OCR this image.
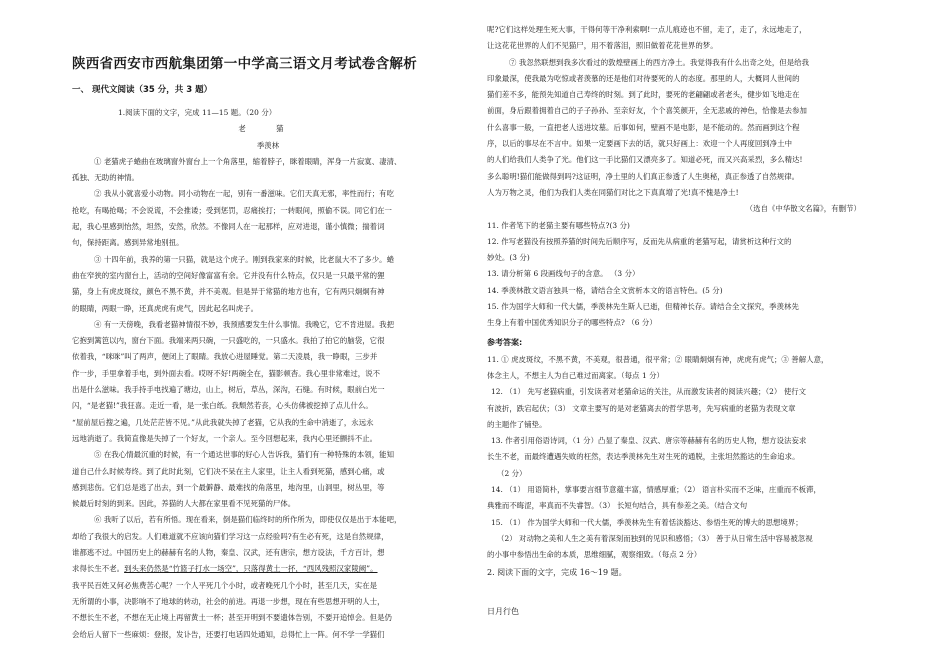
陕西省西安市西航集团第一中学高三语文月考试卷含解析

一、 现代文阅读（35 分，共 3 题）

1.阅读下面的文字，完成 11—15 题。（20 分）

老 猫

季羡林

① 老猫虎子蜷曲在玻璃窗外窗台上一个角落里，缩着脖子，眯着眼睛，浑身一片寂寞、凄清、

孤独、无助的神情。

② 我从小就喜爱小动物。同小动物在一起，别有一番滋味。它们天真无邪，率性而行；有吃

抢吃，有喝抢喝；不会说谎，不会推诿；受到惩罚，忍痛挨打；一转眼间，照偷不误。同它们在一

起，我心里感到怡然，坦然，安然，欣然。不像同人在一起那样，应对进退，谨小慎微；揣着词

句，保持距离。感到异常地别扭。

③ 十四年前，我养的第一只猫，就是这个虎子。刚到我家来的时候，比老鼠大不了多少。蜷

曲在窄狭的室内窗台上，活动的空间好像富富有余。它并没有什么特点，仅只是一只最平常的狸

猫，身上有虎皮斑纹，颜色不黑不黄，并不美观。但是异于常猫的地方也有，它有两只炯炯有神

的眼睛，两眼一睁，还真虎虎有虎气，因此起名叫虎子。

④ 有一天傍晚，我看老猫神情很不妙，我预感要发生什么事情。我晚它，它不肯进屋。我把

它抱到篱笆以内，窗台下面。我端来两只碗，一只盛吃的，一只盛水。我拍了拍它的脑袋，它很

依着我，“咪咪”叫了两声，便闭上了眼睛。我放心进屋睡觉。第二天凌晨，我一睁眼，三步并

作一步，手里拿着手电，到外面去看。哎呀不好!两碗全在，猫影顿杳。我心里非常难过，说不

出是什么滋味。我手持手电找遍了塘边，山上，树后，草丛，深沟，石缝。有时候，眼前白光一

闪，“是老猫!”我狂喜。走近一看，是一张白纸。我颓然若丧，心头仿佛被挖掉了点儿什么。

“屋前屋后搜之遍，几处茫茫皆不见。”从此我就失掉了老猫，它从我的生命中消逝了，永远永

远地消逝了。我简直像是失掉了一个好友，一个亲人。至今回想起来，我内心里还颤抖不止。

⑤ 在我心情最沉重的时候，有一个通达世事的好心人告诉我，猫们有一种特殊的本领，能知

道自己什么时候寿终。到了此时此刻，它们决不呆在主人家里，让主人看到死猫，感到心痛，或

感到悲伤。它们总是逃了出去，到一个最僻静、最难找的角落里，地沟里，山洞里，树丛里，等

候最后时刻的到来。因此，养猫的人大都在家里看不见死猫的尸体。

⑥ 我听了以后，若有所悟。现在看来，倒是猫们临终时的所作所为，即使仅仅是出于本能吧，

却给了我很大的启发。人们难道就不应该向猫们学习这一点经验吗?有生必有死，这是自然规律，

谁都逃不过。中国历史上的赫赫有名的人物，秦皇、汉武，还有唐宗，想方设法，千方百计，想

求得长生不老。到头来仍然是“竹篮子打水一场空”，只落得黄土一抔，“西风残照汉家陵阙”。

我平民百姓又何必焦费苦心呢？一个人平死几个小时，或者晚死几个小时，甚至几天，实在是

无所谓的小事，决影响不了地球的转动，社会的前进。再退一步想，现在有些思想开明的人士，

不想长生不老，不想在无止境上再留黄土一杯；甚至开明到不要遗体告别，不要开追悼会。但是仍

会给后人留下一些麻烦：登报，发讣告，还要打电话四处通知，总得忙上一阵。何不学一学猫们

呢?它们这样处理生死大事，干得何等干净利索啊!一点儿痕迹也不留，走了，走了，永远地走了，

让这花花世界的人们不见猫尸，用不着落泪，照旧做着花花世界的梦。

⑦ 我忽然联想到我多次看过的敦煌壁画上的西方净土。我觉得我有什么出奇之处，但是给我

印象最深，使我最为吃惊或者羡慕的还是他们对待要死的人的态度。那里的人，大概同人世间的

猫们差不多，能预先知道自己寿终的时刻。到了此时，要死的老翩翩或者老头，健步如飞地走在

前面，身后跟着拥着自己的子子孙孙、至亲好友，个个喜笑颜开，全无悲戚的神色，恰像是去参加

什么喜事一般，一直把老人送进坟墓。后事如何，壁画不是电影，是不能动的。然而画到这个程

序，以后的事尽在不言中。如果一定要画下去的话，就只好画上：欢迎一个人再度回到净土中

的人们给我们人类争了光。他们这一手比猫们又漂亮多了。知道必死，而又兴高采烈，多么精达!

多么聪明!猫们能做得到吗?这证明，净土里的人们真正参透了人生奥秘，真正参透了自然规律。

人为万物之灵，他们为我们人类在同猫们对比之下真真增了光!真不愧是净土!

（选自《中华散文名篇》，有删节）

11. 作者笔下的老猫主要有哪些特点?(3 分)

12. 作写老猫没有按照养猫的时间先后顺序写，反而先从病重的老猫写起，请赏析这种行文的

妙处。(3 分)

13. 请分析第 6 段画线句子的含意。 （3 分）

14. 季羡林散文语言独具一格，请结合全文赏析本文的语言特色。(5 分)

15. 作为国学大师和一代大儒，季羡林先生斯人已逝，但精神长存。请结合全文探究，季羡林先

生身上有着中国优秀知识分子的哪些特点? （6 分）

参考答案:

11. ① 虎皮斑纹，不黑不黄，不美观，很普通，很平常；② 眼睛炯炯有神，虎虎有虎气；③ 善解人意，

体念主人，不想主人为自己难过而离家。（每点 1 分）

12. （1） 先写老猫病重，引发读者对老猫命运的关注，从而激发读者的阅读兴趣；（2） 使行文

有波折，跌宕起伏；（3） 文章主要写的是对老猫离去的哲学思考，先写病重的老猫为表现文章

的主题作了铺垫。

13. 作者引用俗语诗词，（1 分）凸显了秦皇、汉武、唐宗等赫赫有名的历史人物，想方设法妄求

长生不老，而最终遭遇失败的枉然，表达季羡林先生对生死的通脱，主张坦然豁达的生命追求。

（2 分）

14. （1） 用语简朴，掌事要言细节意蕴丰富，情感厚重；（2） 语言朴实而不乏味，庄重而不板滞，

典雅而不晦涩，率真而不失睿智。（3） 长短句结合，具有参差之美。（结合文句

15. （1） 作为国学大师和一代大儒，季羡林先生有着恬淡豁达、参悟生死的博大的思想境界；

（2） 对动物之美和人生之美有着深刻而独到的见识和感悟；（3） 善于从日常生活中容易被忽视

的小事中参悟出生命的本质，思维细腻，观察细致。（每点 2 分）

2. 阅读下面的文字，完成 16～19 题。

日月行色
